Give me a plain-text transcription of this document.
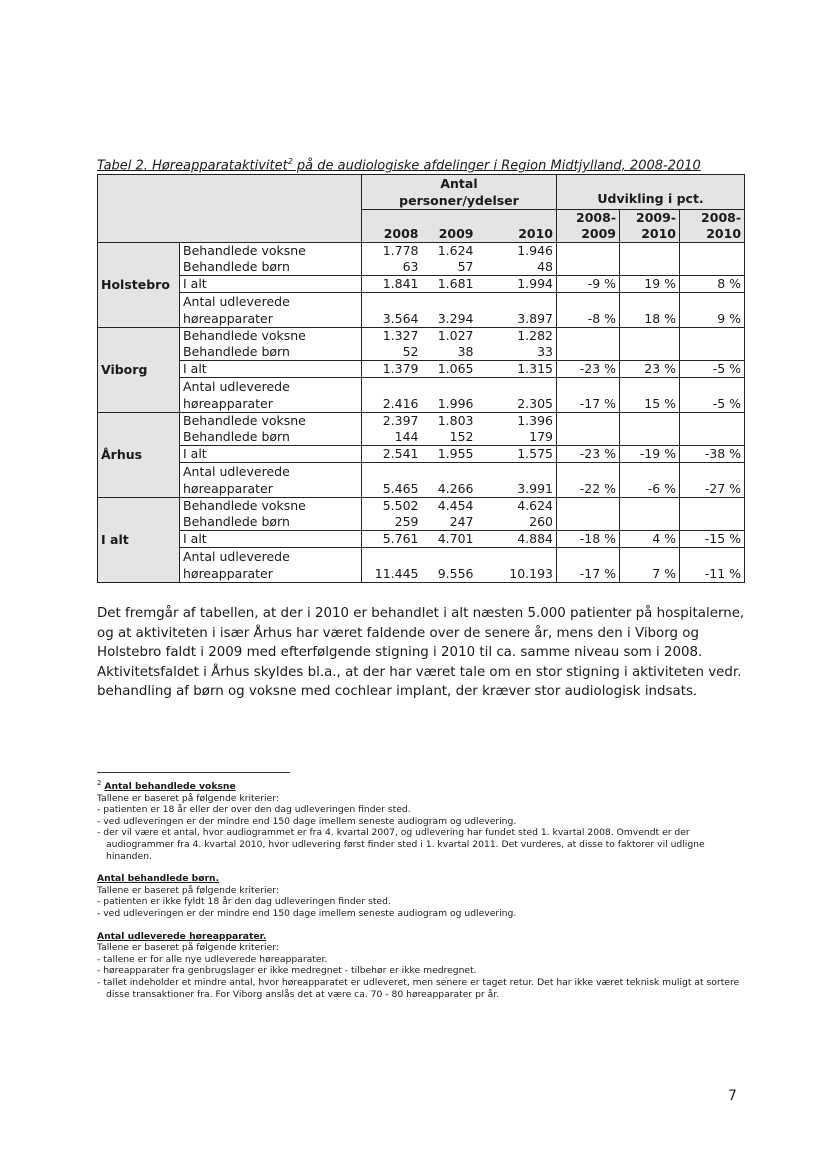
Tabel 2. Høreapparataktivitet$^2$ på de audiologiske afdelinger i Region Midtjylland, 2008-2010
		Antal personer/ydelser					
					Udvikling i pct.		
					2008-	2009-	2008-
		2008	2009	2010	2009	2010	2010
Holstebro	Behandlede voksne	1.778	1.624	1.946			
	Behandlede børn	63	57	48			
	I alt	1.841	1.681	1.994	-9 %	19 %	8 %
	Antal udleverede høreapparater	3.564	3.294	3.897	-8 %	18 %	9 %

Viborg	Behandlede voksne	1.327	1.027	1.282			
	Behandlede børn	52	38	33			
	I alt	1.379	1.065	1.315	-23 %	23 %	-5 %
	Antal udleverede høreapparater	2.416	1.996	2.305	-17 %	15 %	-5 %

Århus	Behandlede voksne	2.397	1.803	1.396			
	Behandlede børn	144	152	179			
	I alt	2.541	1.955	1.575	-23 %	-19 %	-38 %
	Antal udleverede høreapparater	5.465	4.266	3.991	-22 %	-6 %	-27 %

I alt	Behandlede voksne	5.502	4.454	4.624			
	Behandlede børn	259	247	260			
	I alt	5.761	4.701	4.884	-18 %	4 %	-15 %
	Antal udleverede høreapparater	11.445	9.556	10.193	-17 %	7 %	-11 %

Det fremgår af tabellen, at der i 2010 er behandlet i alt næsten 5.000 patienter på hospitalerne, og at aktiviteten i især Århus har været faldende over de senere år, mens den i Viborg og Holstebro faldt i 2009 med efterfølgende stigning i 2010 til ca. samme niveau som i 2008. Aktivitetsfaldet i Århus skyldes bl.a., at der har været tale om en stor stigning i aktiviteten vedr. behandling af børn og voksne med cochlear implant, der kræver stor audiologisk indsats.
$^2$ Antal behandlede voksne
Tallene er baseret på følgende kriterier:
- patienten er 18 år eller der over den dag udleveringen finder sted.
- ved udleveringen er der mindre end 150 dage imellem seneste audiogram og udlevering.
- der vil være et antal, hvor audiogrammet er fra 4. kvartal 2007, og udlevering har fundet sted 1. kvartal 2008. Omvendt er der audiogrammer fra 4. kvartal 2010, hvor udlevering først finder sted i 1. kvartal 2011. Det vurderes, at disse to faktorer vil udligne hinanden.
Antal behandlede børn.
Tallene er baseret på følgende kriterier:
- patienten er ikke fyldt 18 år den dag udleveringen finder sted.
- ved udleveringen er der mindre end 150 dage imellem seneste audiogram og udlevering.
Antal udleverede høreapparater.
Tallene er baseret på følgende kriterier:
- tallene er for alle nye udleverede høreapparater.
- høreapparater fra genbrugslager er ikke medregnet - tilbehør er ikke medregnet.
- tallet indeholder et mindre antal, hvor høreapparatet er udleveret, men senere er taget retur. Det har ikke været teknisk muligt at sortere disse transaktioner fra. For Viborg anslås det at være ca. 70 - 80 høreapparater pr år.
7
